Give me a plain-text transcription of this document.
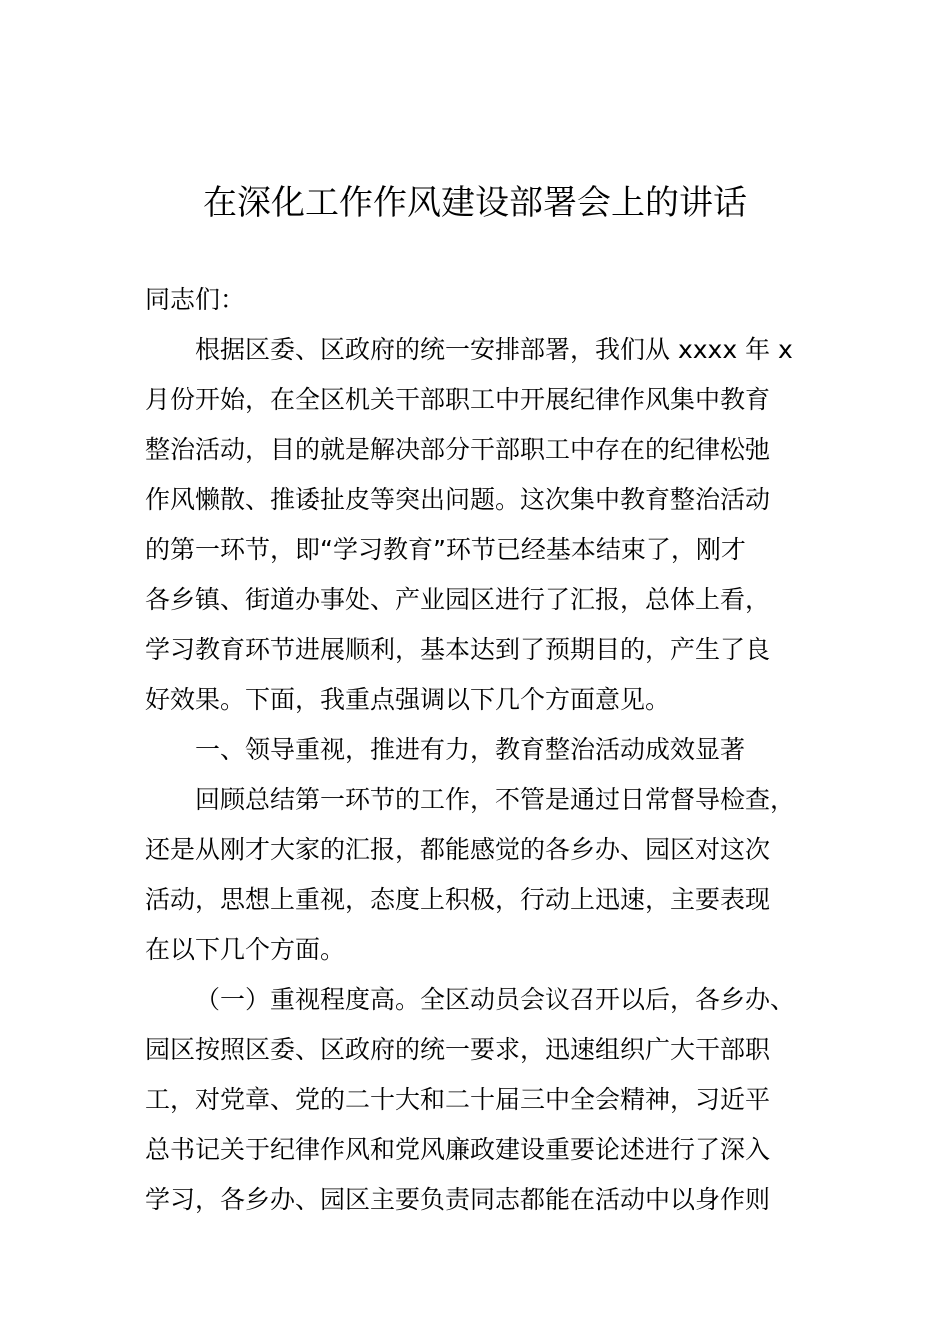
在深化工作作风建设部署会上的讲话
同志们：
根据区委、区政府的统一安排部署，我们从 xxxx 年 x
月份开始，在全区机关干部职工中开展纪律作风集中教育
整治活动，目的就是解决部分干部职工中存在的纪律松弛
作风懒散、推诿扯皮等突出问题。这次集中教育整治活动
的第一环节，即“学习教育”环节已经基本结束了，刚才
各乡镇、街道办事处、产业园区进行了汇报，总体上看，
学习教育环节进展顺利，基本达到了预期目的，产生了良
好效果。下面，我重点强调以下几个方面意见。
一、领导重视，推进有力，教育整治活动成效显著
回顾总结第一环节的工作，不管是通过日常督导检查，
还是从刚才大家的汇报，都能感觉的各乡办、园区对这次
活动，思想上重视，态度上积极，行动上迅速，主要表现
在以下几个方面。
（一）重视程度高。全区动员会议召开以后，各乡办、
园区按照区委、区政府的统一要求，迅速组织广大干部职
工，对党章、党的二十大和二十届三中全会精神，习近平
总书记关于纪律作风和党风廉政建设重要论述进行了深入
学习，各乡办、园区主要负责同志都能在活动中以身作则
